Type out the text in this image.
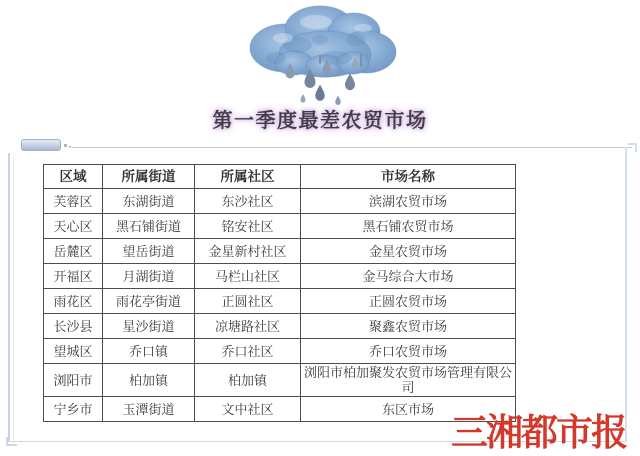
第一季度最差农贸市场
区域	所属街道	所属社区	市场名称
芙蓉区	东湖街道	东沙社区	滨湖农贸市场
天心区	黑石铺街道	铭安社区	黑石铺农贸市场
岳麓区	望岳街道	金星新村社区	金星农贸市场
开福区	月湖街道	马栏山社区	金马综合大市场
雨花区	雨花亭街道	正圆社区	正圆农贸市场
长沙县	星沙街道	凉塘路社区	聚鑫农贸市场
望城区	乔口镇	乔口社区	乔口农贸市场
浏阳市	柏加镇	柏加镇	浏阳市柏加聚发农贸市场管理有限公司
宁乡市	玉潭街道	文中社区	东区市场
三湘都市报
